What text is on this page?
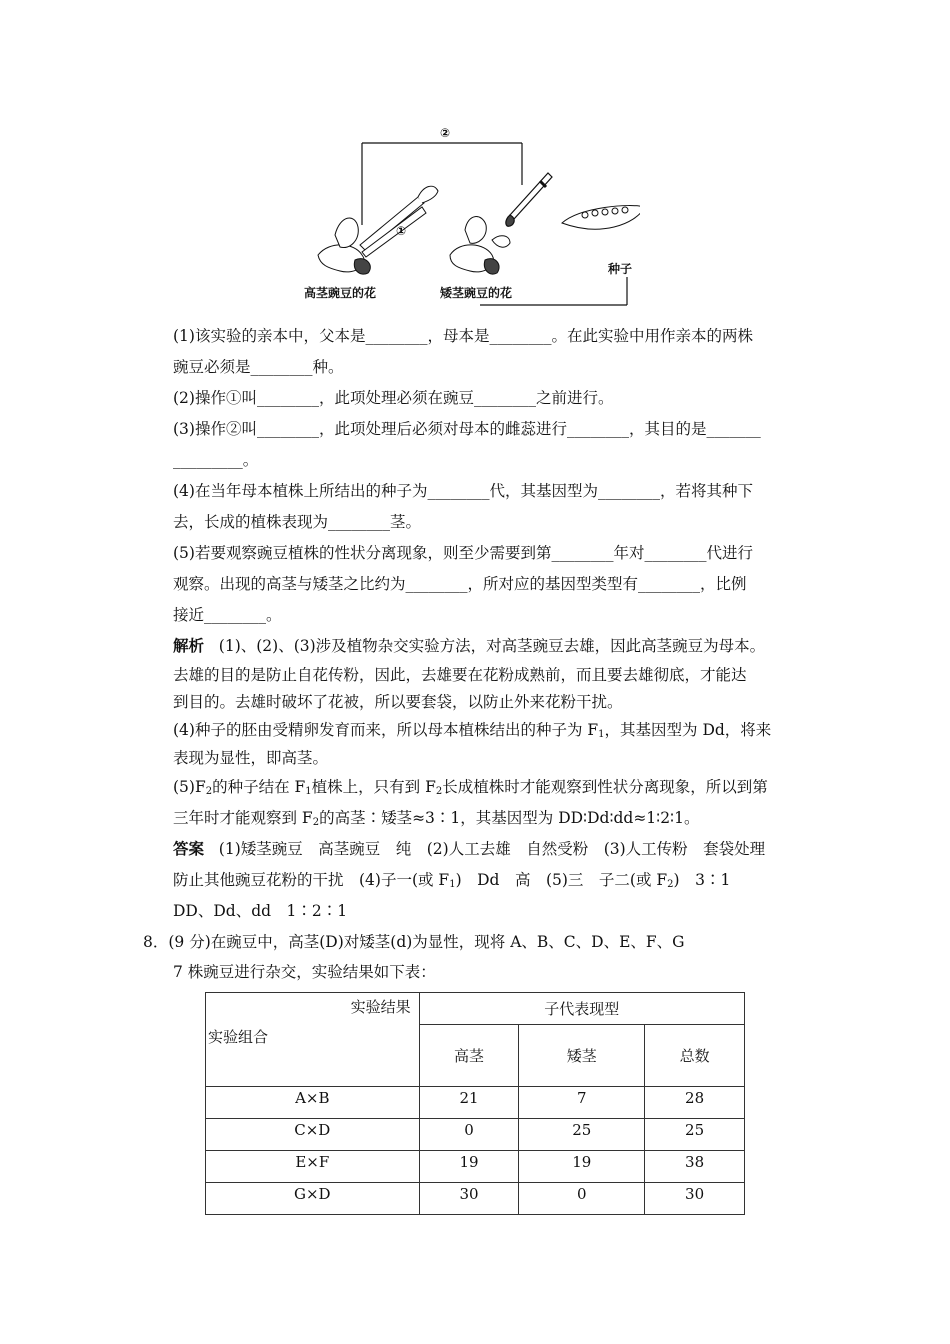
②
①
高茎豌豆的花	矮茎豌豆的花
种子
(1)该实验的亲本中，父本是________，母本是________。在此实验中用作亲本的两株
豌豆必须是________种。
(2)操作①叫________，此项处理必须在豌豆________之前进行。
(3)操作②叫________，此项处理后必须对母本的雌蕊进行________，其目的是_______
_________。
(4)在当年母本植株上所结出的种子为________代，其基因型为________，若将其种下
去，长成的植株表现为________茎。
(5)若要观察豌豆植株的性状分离现象，则至少需要到第________年对________代进行
观察。出现的高茎与矮茎之比约为________，所对应的基因型类型有________，比例
接近________。
解析 (1)、(2)、(3)涉及植物杂交实验方法，对高茎豌豆去雄，因此高茎豌豆为母本。
去雄的目的是防止自花传粉，因此，去雄要在花粉成熟前，而且要去雄彻底，才能达
到目的。去雄时破坏了花被，所以要套袋，以防止外来花粉干扰。
(4)种子的胚由受精卵发育而来，所以母本植株结出的种子为 $F_1$，其基因型为 Dd，将来
表现为显性，即高茎。
$(5)F_2$的种子结在 $F_1$植株上，只有到 $F_2$长成植株时才能观察到性状分离现象，所以到第
三年时才能观察到 $F_2$的高茎∶矮茎≈3∶1，其基因型为 DD∶Dd∶dd≈1∶2∶1。
答案 (1)矮茎豌豆　高茎豌豆　纯　(2)人工去雄　自然受粉　(3)人工传粉　套袋处理
防止其他豌豆花粉的干扰　(4)子一(或 $F_1$)　Dd　高　(5)三　子二(或 $F_2$)　3∶1
DD、Dd、dd　1∶2∶1
8．(9 分)在豌豆中，高茎(D)对矮茎(d)为显性，现将 A、B、C、D、E、F、G
7 株豌豆进行杂交，实验结果如下表：
实验结果
实验组合	子代表现型		
	高茎	矮茎	总数
A×B	21	7	28
C×D	0	25	25
E×F	19	19	38
G×D	30	0	30
